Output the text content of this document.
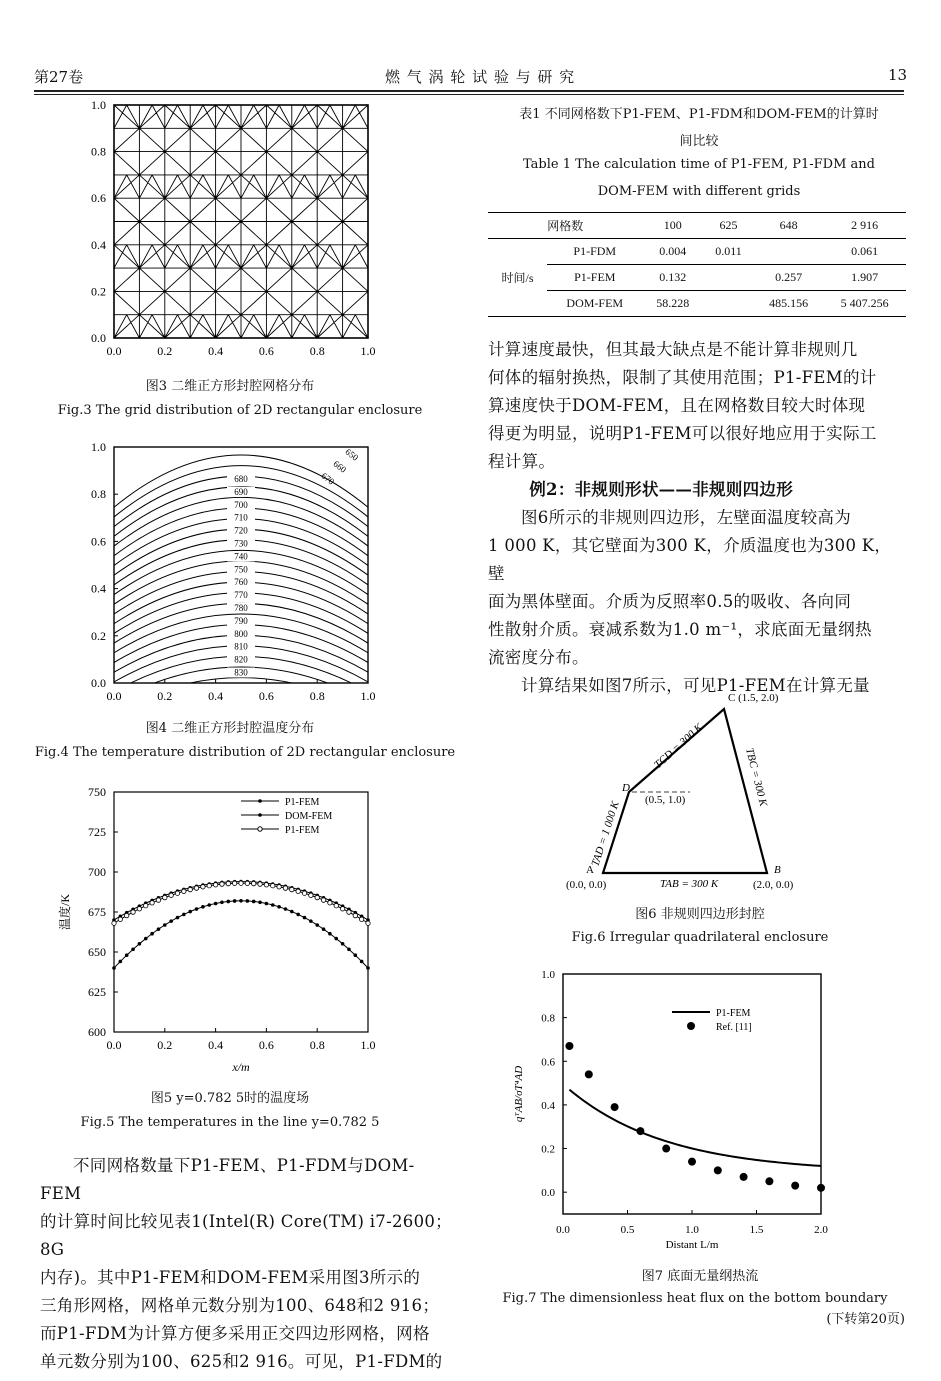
第27卷	燃 气 涡 轮 试 验 与 研 究	13
0.0	0.2	0.4	0.6	0.8	1.0
0.0
0.2
0.4
0.6
0.8
1.0
图3 二维正方形封腔网格分布
Fig.3 The grid distribution of 2D rectangular enclosure
680
690
700
710
720
730
740
750
760
770
780
790
800
810
820
830
650
660
670
0.0	0.2	0.4	0.6	0.8	1.0
0.0
0.2
0.4
0.6
0.8
1.0
图4 二维正方形封腔温度分布
Fig.4 The temperature distribution of 2D rectangular enclosure
0.0	0.2	0.4	0.6	0.8	1.0
600
625
650
675
700
725
750
P1-FEM
DOM-FEM
P1-FEM
x/m
温度/K
图5 y=0.782 5时的温度场
Fig.5 The temperatures in the line y=0.782 5

不同网格数量下P1-FEM、P1-FDM与DOM-FEM

的计算时间比较见表1(Intel(R) Core(TM) i7-2600；8G

内存)。其中P1-FEM和DOM-FEM采用图3所示的

三角形网格，网格单元数分别为100、648和2 916；

而P1-FDM为计算方便多采用正交四边形网格，网格

单元数分别为100、625和2 916。可见，P1-FDM的

表1 不同网格数下P1-FEM、P1-FDM和DOM-FEM的计算时
间比较
Table 1 The calculation time of P1-FEM, P1-FDM and
DOM-FEM with different grids
网格数		100	625	648	2 916
时间/s	P1-FDM	0.004	0.011		0.061
	P1-FEM	0.132		0.257	1.907
	DOM-FEM	58.228		485.156	5 407.256

计算速度最快，但其最大缺点是不能计算非规则几

何体的辐射换热，限制了其使用范围；P1-FEM的计

算速度快于DOM-FEM，且在网格数目较大时体现

得更为明显，说明P1-FEM可以很好地应用于实际工

程计算。

例2：非规则形状——非规则四边形

图6所示的非规则四边形，左壁面温度较高为

1 000 K，其它壁面为300 K，介质温度也为300 K，壁

面为黑体壁面。介质为反照率0.5的吸收、各向同

性散射介质。衰减系数为1.0 m⁻¹，求底面无量纲热

流密度分布。

计算结果如图7所示，可见P1-FEM在计算无量

C (1.5, 2.0)
D
(0.5, 1.0)
A
(0.0, 0.0)
B
(2.0, 0.0)
TAB = 300 K
TCD = 300 K
TBC = 300 K
TAD = 1 000 K
图6 非规则四边形封腔
Fig.6 Irregular quadrilateral enclosure
0.0	0.5	1.0	1.5	2.0
0.0
0.2
0.4
0.6
0.8
1.0
P1-FEM
Ref. [11]
Distant L/m
qᵀAB/σT⁴AD
图7 底面无量纲热流
Fig.7 The dimensionless heat flux on the bottom boundary
(下转第20页)
